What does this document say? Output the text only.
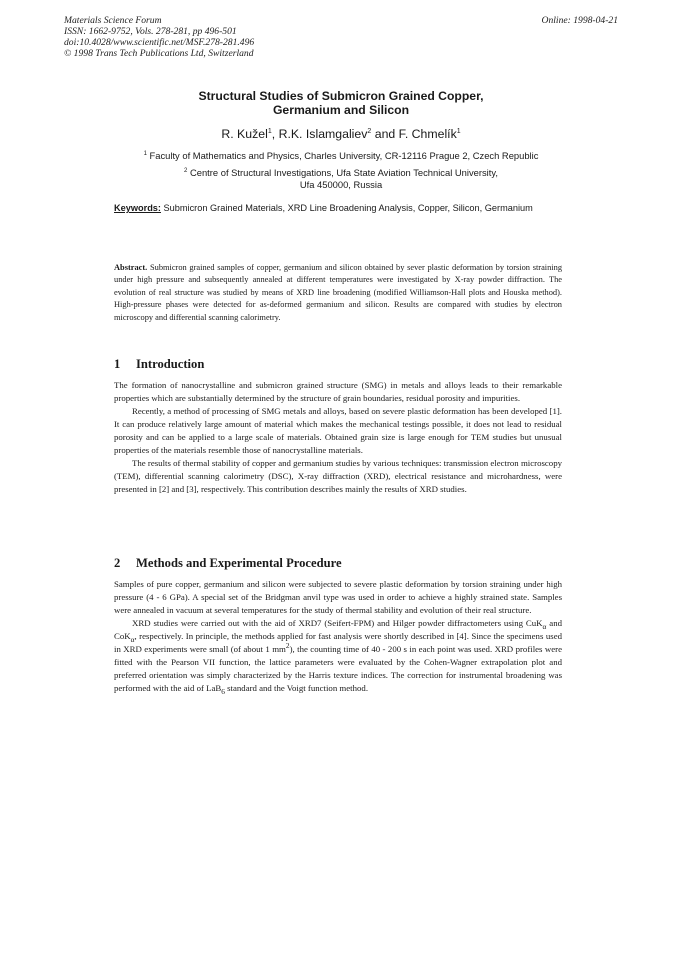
Materials Science Forum
ISSN: 1662-9752, Vols. 278-281, pp 496-501
doi:10.4028/www.scientific.net/MSF.278-281.496
© 1998 Trans Tech Publications Ltd, Switzerland
Online: 1998-04-21
Structural Studies of Submicron Grained Copper,
Germanium and Silicon
R. Kužel$^1$, R.K. Islamgaliev$^2$ and F. Chmelík$^1$
$^1$ Faculty of Mathematics and Physics, Charles University, CR-12116 Prague 2, Czech Republic
$^2$ Centre of Structural Investigations, Ufa State Aviation Technical University,
Ufa 450000, Russia
Keywords: Submicron Grained Materials, XRD Line Broadening Analysis, Copper, Silicon, Germanium
Abstract. Submicron grained samples of copper, germanium and silicon obtained by sever plastic deformation by torsion straining under high pressure and subsequently annealed at different temperatures were investigated by X-ray powder diffraction. The evolution of real structure was studied by means of XRD line broadening (modified Williamson-Hall plots and Houska method). High-pressure phases were detected for as-deformed germanium and silicon. Results are compared with studies by electron microscopy and differential scanning calorimetry.
1 Introduction

The formation of nanocrystalline and submicron grained structure (SMG) in metals and alloys leads to their remarkable properties which are substantially determined by the structure of grain boundaries, residual porosity and impurities.

Recently, a method of processing of SMG metals and alloys, based on severe plastic deformation has been developed [1]. It can produce relatively large amount of material which makes the mechanical testings possible, it does not lead to residual porosity and can be applied to a large scale of materials. Obtained grain size is large enough for TEM studies but unusual properties of the materials resemble those of nanocrystalline materials.

The results of thermal stability of copper and germanium studies by various techniques: transmission electron microscopy (TEM), differential scanning calorimetry (DSC), X-ray diffraction (XRD), electrical resistance and microhardness, were presented in [2] and [3], respectively. This contribution describes mainly the results of XRD studies.

2 Methods and Experimental Procedure

Samples of pure copper, germanium and silicon were subjected to severe plastic deformation by torsion straining under high pressure (4 - 6 GPa). A special set of the Bridgman anvil type was used in order to achieve a highly strained state. Samples were annealed in vacuum at several temperatures for the study of thermal stability and evolution of their real structure.

XRD studies were carried out with the aid of XRD7 (Seifert-FPM) and Hilger powder diffractometers using CuK$_\alpha$ and CoK$_\alpha$, respectively. In principle, the methods applied for fast analysis were shortly described in [4]. Since the specimens used in XRD experiments were small (of about 1 $mm^2$), the counting time of 40 - 200 s in each point was used. XRD profiles were fitted with the Pearson VII function, the lattice parameters were evaluated by the Cohen-Wagner extrapolation plot and preferred orientation was simply characterized by the Harris texture indices. The correction for instrumental broadening was performed with the aid of LaB$_6$ standard and the Voigt function method.
